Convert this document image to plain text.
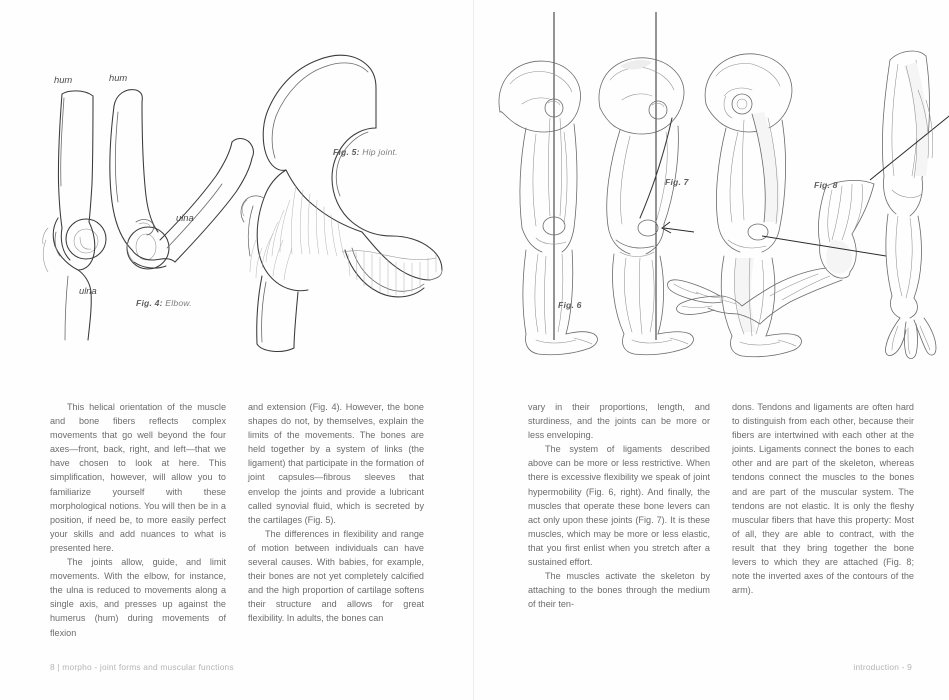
hum	hum
ulna
ulna
Fig. 4: Elbow.
Fig. 5: Hip joint.

This helical orientation of the muscle and bone fibers reflects complex movements that go well beyond the four axes—front, back, right, and left—that we have chosen to look at here. This simplification, however, will allow you to familiarize yourself with these morphological notions. You will then be in a position, if need be, to more easily perfect your skills and add nuances to what is presented here.

The joints allow, guide, and limit movements. With the elbow, for instance, the ulna is reduced to movements along a single axis, and presses up against the humerus (hum) during movements of flexion

and extension (Fig. 4). However, the bone shapes do not, by themselves, explain the limits of the movements. The bones are held together by a system of links (the ligament) that participate in the formation of joint capsules—fibrous sleeves that envelop the joints and provide a lubricant called synovial fluid, which is secreted by the cartilages (Fig. 5).

The differences in flexibility and range of motion between individuals can have several causes. With babies, for example, their bones are not yet completely calcified and the high proportion of cartilage softens their structure and allows for great flexibility. In adults, the bones can

8 | morpho - joint forms and muscular functions
Fig. 6
Fig. 7	Fig. 8

vary in their proportions, length, and sturdiness, and the joints can be more or less enveloping.

The system of ligaments described above can be more or less restrictive. When there is excessive flexibility we speak of joint hypermobility (Fig. 6, right). And finally, the muscles that operate these bone levers can act only upon these joints (Fig. 7). It is these muscles, which may be more or less elastic, that you first enlist when you stretch after a sustained effort.

The muscles activate the skeleton by attaching to the bones through the medium of their ten-

dons. Tendons and ligaments are often hard to distinguish from each other, because their fibers are intertwined with each other at the joints. Ligaments connect the bones to each other and are part of the skeleton, whereas tendons connect the muscles to the bones and are part of the muscular system. The tendons are not elastic. It is only the fleshy muscular fibers that have this property: Most of all, they are able to contract, with the result that they bring together the bone levers to which they are attached (Fig. 8; note the inverted axes of the contours of the arm).

introduction - 9
